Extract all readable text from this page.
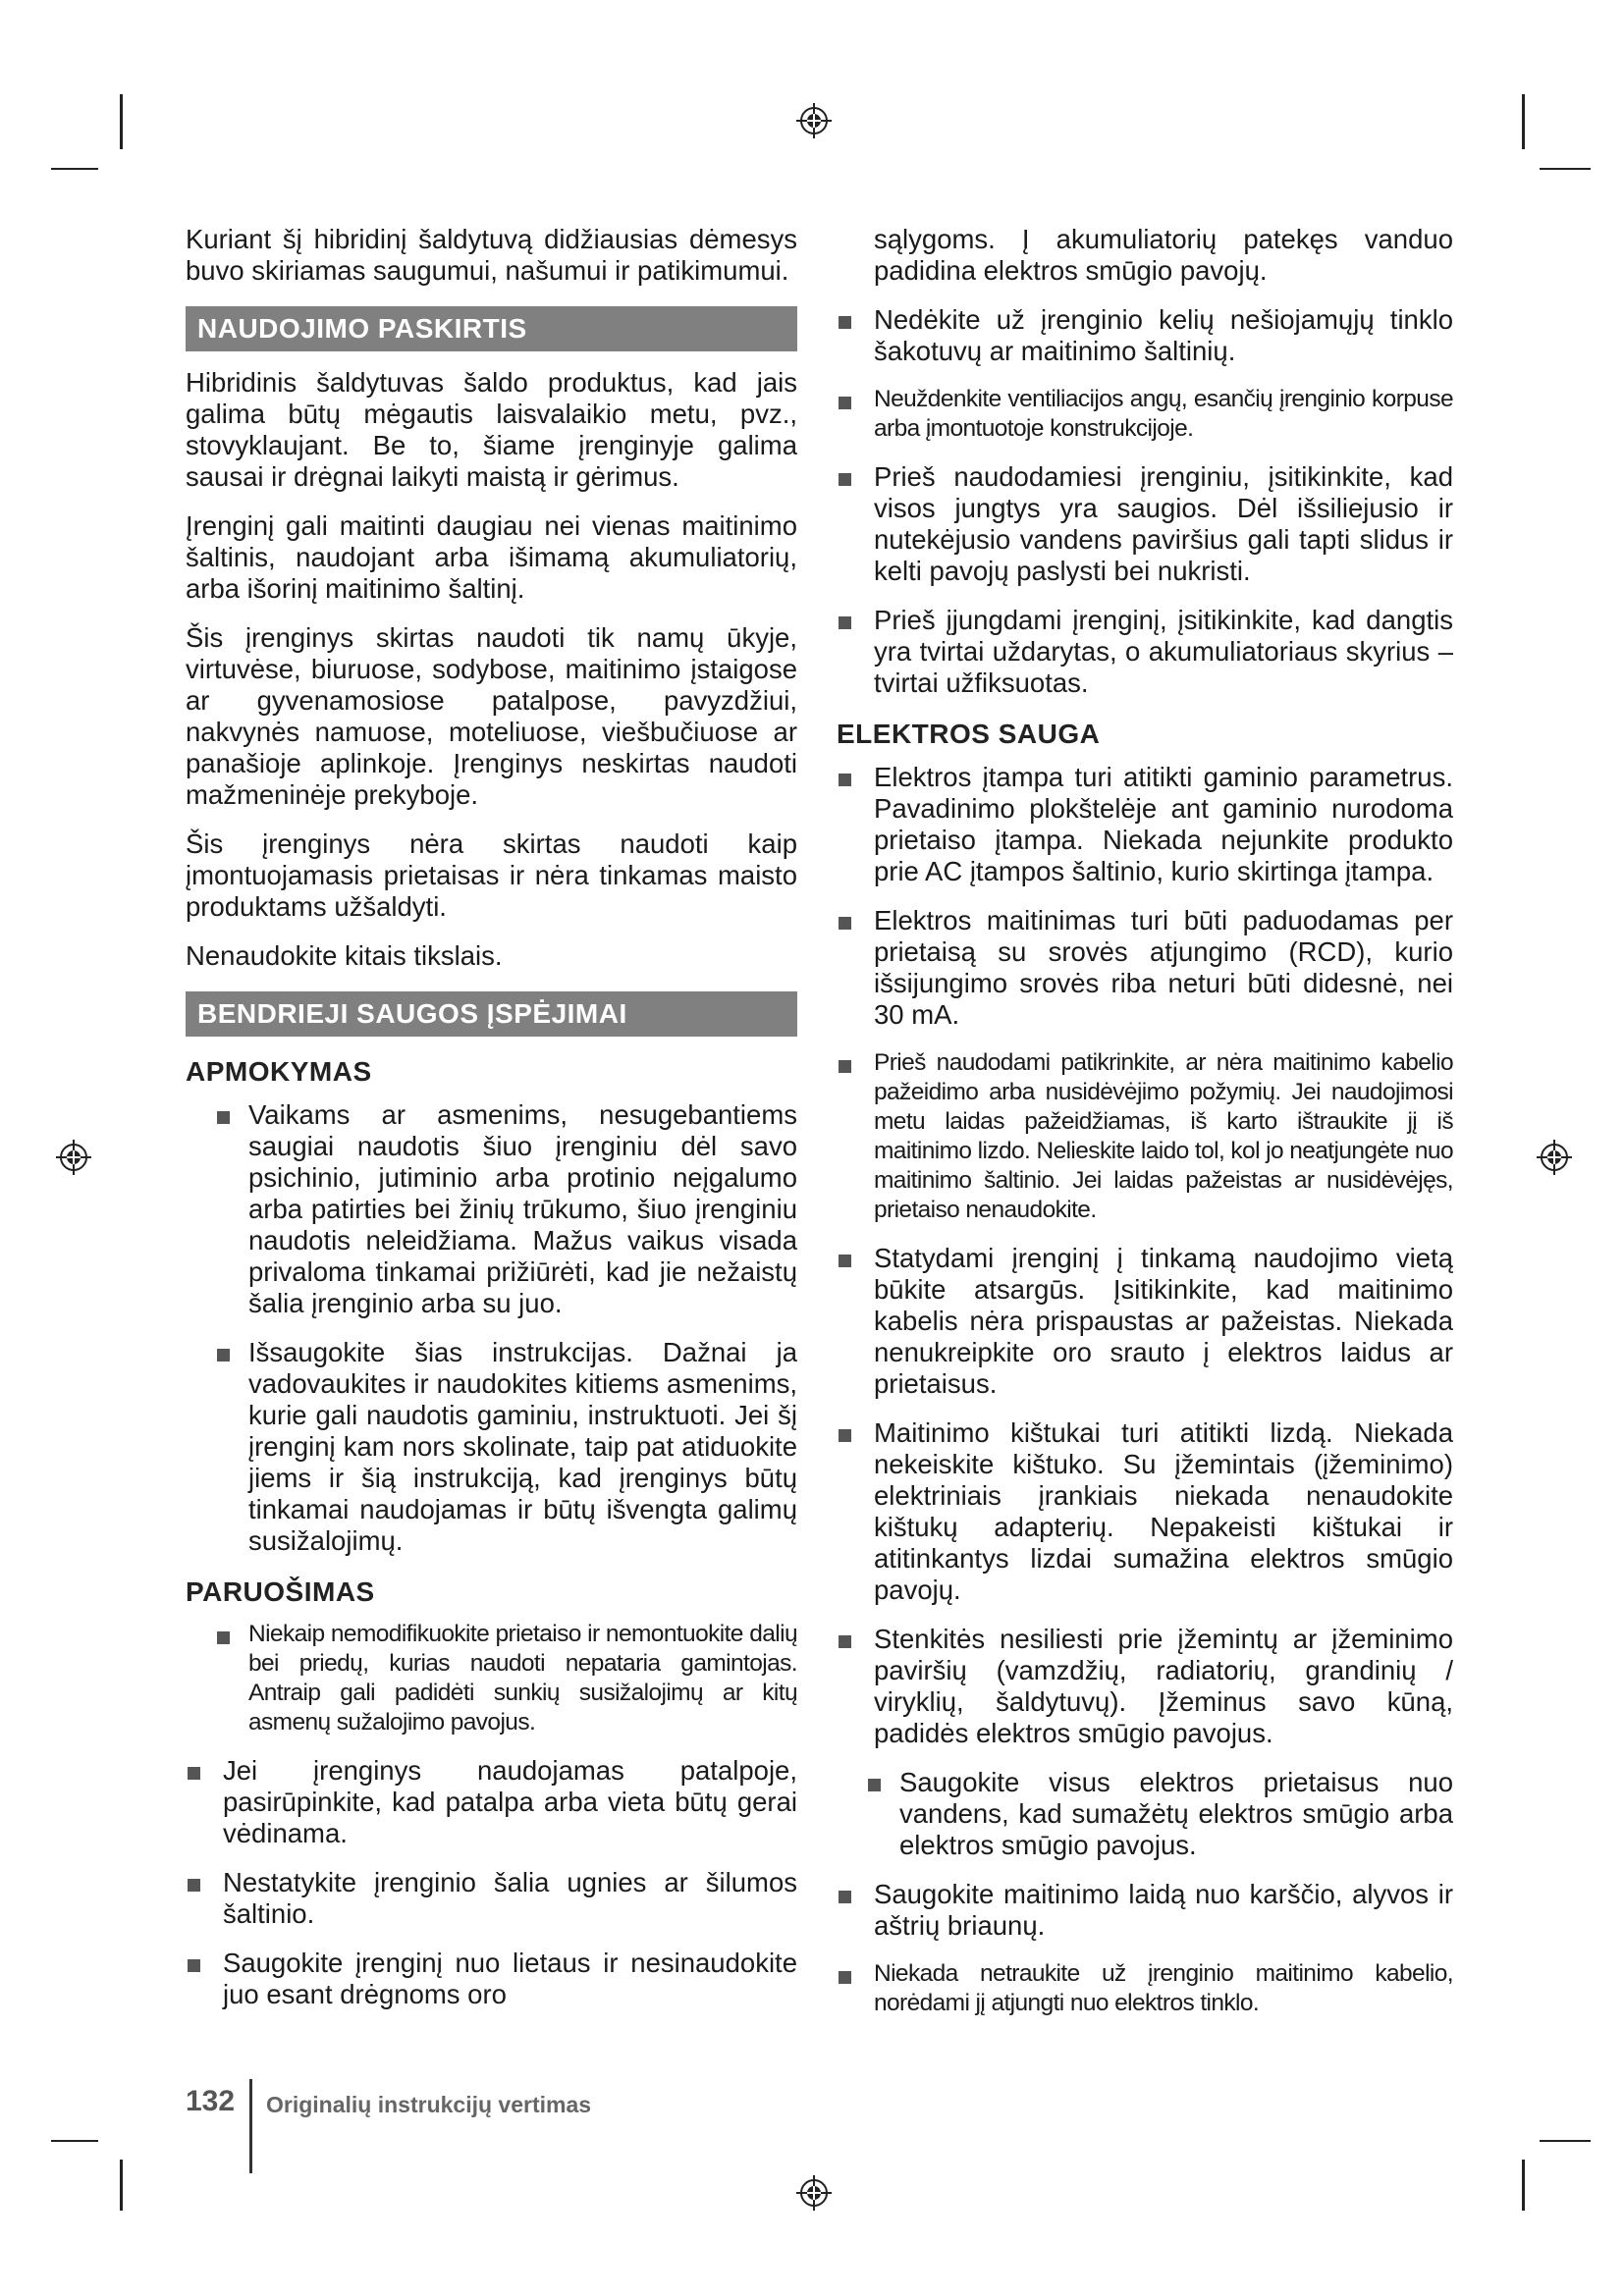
Kuriant šį hibridinį šaldytuvą didžiausias dėmesys buvo skiriamas saugumui, našumui ir patikimumui.

NAUDOJIMO PASKIRTIS

Hibridinis šaldytuvas šaldo produktus, kad jais galima būtų mėgautis laisvalaikio metu, pvz., stovyklaujant. Be to, šiame įrenginyje galima sausai ir drėgnai laikyti maistą ir gėrimus.

Įrenginį gali maitinti daugiau nei vienas maitinimo šaltinis, naudojant arba išimamą akumuliatorių, arba išorinį maitinimo šaltinį.

Šis įrenginys skirtas naudoti tik namų ūkyje, virtuvėse, biuruose, sodybose, maitinimo įstaigose ar gyvenamosiose patalpose, pavyzdžiui, nakvynės namuose, moteliuose, viešbučiuose ar panašioje aplinkoje. Įrenginys neskirtas naudoti mažmeninėje prekyboje.

Šis įrenginys nėra skirtas naudoti kaip įmontuojamasis prietaisas ir nėra tinkamas maisto produktams užšaldyti.

Nenaudokite kitais tikslais.

BENDRIEJI SAUGOS ĮSPĖJIMAI
APMOKYMAS
Vaikams ar asmenims, nesugebantiems saugiai naudotis šiuo įrenginiu dėl savo psichinio, jutiminio arba protinio neįgalumo arba patirties bei žinių trūkumo, šiuo įrenginiu naudotis neleidžiama. Mažus vaikus visada privaloma tinkamai prižiūrėti, kad jie nežaistų šalia įrenginio arba su juo.
Išsaugokite šias instrukcijas. Dažnai ja vadovaukites ir naudokites kitiems asmenims, kurie gali naudotis gaminiu, instruktuoti. Jei šį įrenginį kam nors skolinate, taip pat atiduokite jiems ir šią instrukciją, kad įrenginys būtų tinkamai naudojamas ir būtų išvengta galimų susižalojimų.
PARUOŠIMAS
Niekaip nemodifikuokite prietaiso ir nemontuokite dalių bei priedų, kurias naudoti nepataria gamintojas. Antraip gali padidėti sunkių susižalojimų ar kitų asmenų sužalojimo pavojus.
Jei įrenginys naudojamas patalpoje, pasirūpinkite, kad patalpa arba vieta būtų gerai vėdinama.
Nestatykite įrenginio šalia ugnies ar šilumos šaltinio.
Saugokite įrenginį nuo lietaus ir nesinaudokite juo esant drėgnoms oro

sąlygoms. Į akumuliatorių patekęs vanduo padidina elektros smūgio pavojų.

Nedėkite už įrenginio kelių nešiojamųjų tinklo šakotuvų ar maitinimo šaltinių.
Neuždenkite ventiliacijos angų, esančių įrenginio korpuse arba įmontuotoje konstrukcijoje.
Prieš naudodamiesi įrenginiu, įsitikinkite, kad visos jungtys yra saugios. Dėl išsiliejusio ir nutekėjusio vandens paviršius gali tapti slidus ir kelti pavojų paslysti bei nukristi.
Prieš įjungdami įrenginį, įsitikinkite, kad dangtis yra tvirtai uždarytas, o akumuliatoriaus skyrius – tvirtai užfiksuotas.
ELEKTROS SAUGA
Elektros įtampa turi atitikti gaminio parametrus. Pavadinimo plokštelėje ant gaminio nurodoma prietaiso įtampa. Niekada nejunkite produkto prie AC įtampos šaltinio, kurio skirtinga įtampa.
Elektros maitinimas turi būti paduodamas per prietaisą su srovės atjungimo (RCD), kurio išsijungimo srovės riba neturi būti didesnė, nei 30 mA.
Prieš naudodami patikrinkite, ar nėra maitinimo kabelio pažeidimo arba nusidėvėjimo požymių. Jei naudojimosi metu laidas pažeidžiamas, iš karto ištraukite jį iš maitinimo lizdo. Nelieskite laido tol, kol jo neatjungėte nuo maitinimo šaltinio. Jei laidas pažeistas ar nusidėvėjęs, prietaiso nenaudokite.
Statydami įrenginį į tinkamą naudojimo vietą būkite atsargūs. Įsitikinkite, kad maitinimo kabelis nėra prispaustas ar pažeistas. Niekada nenukreipkite oro srauto į elektros laidus ar prietaisus.
Maitinimo kištukai turi atitikti lizdą. Niekada nekeiskite kištuko. Su įžemintais (įžeminimo) elektriniais įrankiais niekada nenaudokite kištukų adapterių. Nepakeisti kištukai ir atitinkantys lizdai sumažina elektros smūgio pavojų.
Stenkitės nesiliesti prie įžemintų ar įžeminimo paviršių (vamzdžių, radiatorių, grandinių / viryklių, šaldytuvų). Įžeminus savo kūną, padidės elektros smūgio pavojus.
Saugokite visus elektros prietaisus nuo vandens, kad sumažėtų elektros smūgio arba elektros smūgio pavojus.
Saugokite maitinimo laidą nuo karščio, alyvos ir aštrių briaunų.
Niekada netraukite už įrenginio maitinimo kabelio, norėdami jį atjungti nuo elektros tinklo.
132 Originalių instrukcijų vertimas
